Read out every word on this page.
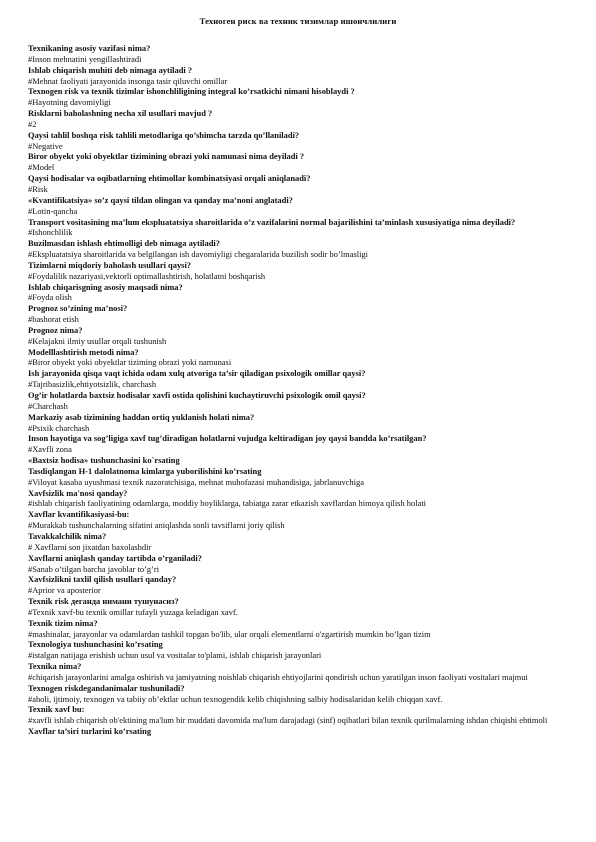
Техноген риск ва техник тизимлар ишончлилиги
Texnikaning asosiy vazifasi nima?
#Inson mehnatini yengillashtiradi
Ishlab chiqarish muhiti deb nimaga aytiladi ?
#Mehnat faoliyati jarayonida insonga tasir qiluvchi omillar
Texnogen risk va texnik tizimlar ishonchliligining integral ko’rsatkichi nimani hisoblaydi ?
#Hayotning davomiyligi
Risklarni baholashning necha xil usullari mavjud ?
#2
Qaysi tahlil boshqa risk tahlili metodlariga qo’shimcha tarzda qo’llaniladi?
#Negative
Biror obyekt yoki obyektlar tizimining obrazi yoki namunasi nima deyiladi ?
#Model
Qaysi hodisalar va oqibatlarning ehtimollar kombinatsiyasi orqali aniqlanadi?
#Risk
«Kvantifikatsiya» so’z qaysi tildan olingan va qanday ma’noni anglatadi?
#Lotin-qancha
Transport vositasining ma’lum ekspluatatsiya sharoitlarida o’z vazifalarini normal bajarilishini ta’minlash xususiyatiga nima deyiladi?
#Ishonchlilik
Buzilmasdan ishlash ehtimolligi deb nimaga aytiladi?
#Ekspluatatsiya sharoitlarida va belgilangan ish davomiyligi chegaralarida buzilish sodir bo’lmasligi
Tizimlarni miqdoriy baholash usullari qaysi?
#Foydalilik nazariyasi,vektorli optimallashtirish, holatlatni boshqarish
Ishlab chiqarisgning asosiy maqsadi nima?
#Foyda olish
Prognoz so’zining ma’nosi?
#bashorat etish
Prognoz nima?
#Kelajakni ilmiy usullar orqali tushunish
Modelllashtirish metodi nima?
#Biror obyekt yoki obyektlar tiziming obrazi yoki namunasi
Ish jarayonida qisqa vaqt ichida odam xulq atvoriga ta’sir qiladigan psixologik omillar qaysi?
#Tajribasizlik,ehtiyotsizlik, charchash
Og’ir holatlarda baxtsiz hodisalar xavfi ostida qolishini kuchaytiruvchi psixologik omil qaysi?
#Charchash
Markaziy asab tizimining haddan ortiq yuklanish holati nima?
#Psixik charchash
Inson hayotiga va sog’ligiga xavf tug’diradigan holatlarni vujudga keltiradigan joy qaysi bandda ko’rsatilgan?
#Xavfli zona
«Baxtsiz hodisa» tushunchasini ko`rsating
Tasdiqlangan H-1 dalolatnoma kimlarga yuborilishini ko’rsating
#Viloyat kasaba uyushmasi texnik nazoratchisiga, mehnat muhofazasi muhandisiga, jabrlanuvchiga
Xavfsizlik ma'nosi qanday?
#ishlab chiqarish faoliyatining odamlarga, moddiy boyliklarga, tabiatga zarar etkazish xavflardan himoya qilish holati
Xavflar kvantifikasiyasi-bu:
#Murakkab tushunchalarning sifatini aniqlashda sonli tavsiflarni joriy qilish
Tavakkalchilik nima?
# Xavflarni son jixatdan baxolashdir
Xavflarni aniqlash qanday tartibda o’rganiladi?
#Sanab o’tilgan barcha javoblar to’g’ri
Xavfsizlikni taxlil qilish usullari qanday?
#Aprior va aposterior
Texnik risk деганда нимани тушунасиз?
#Texnik xavf-bu texnik omillar tufayli yuzaga keladigan xavf.
Texnik tizim nima?
#mashinalar, jarayonlar va odamlardan tashkil topgan bo'lib, ular orqali elementlarni o'zgartirish mumkin bo’lgan tizim
Texnologiya tushunchasini ko’rsating
#istalgan natijaga erishish uchun usul va vositalar to'plami, ishlab chiqarish jarayonlari
Texnika nima?
#chiqarish jarayonlarini amalga oshirish va jamiyatning noishlab chiqarish ehtiyojlarini qondirish uchun yaratilgan inson faoliyati vositalari majmui
Texnogen riskdegandanimalar tushuniladi?
#aholi, ijtimoiy, texnogen va tabiiy ob’ektlar uchun texnogendik kelib chiqishning salbiy hodisalaridan kelib chiqqan xavf.
Texnik xavf bu:
#xavfli ishlab chiqarish ob'ektining ma'lum bir muddati davomida ma'lum darajadagi (sinf) oqibatlari bilan texnik qurilmalarning ishdan chiqishi ehtimoli
Xavflar ta’siri turlarini ko’rsating
